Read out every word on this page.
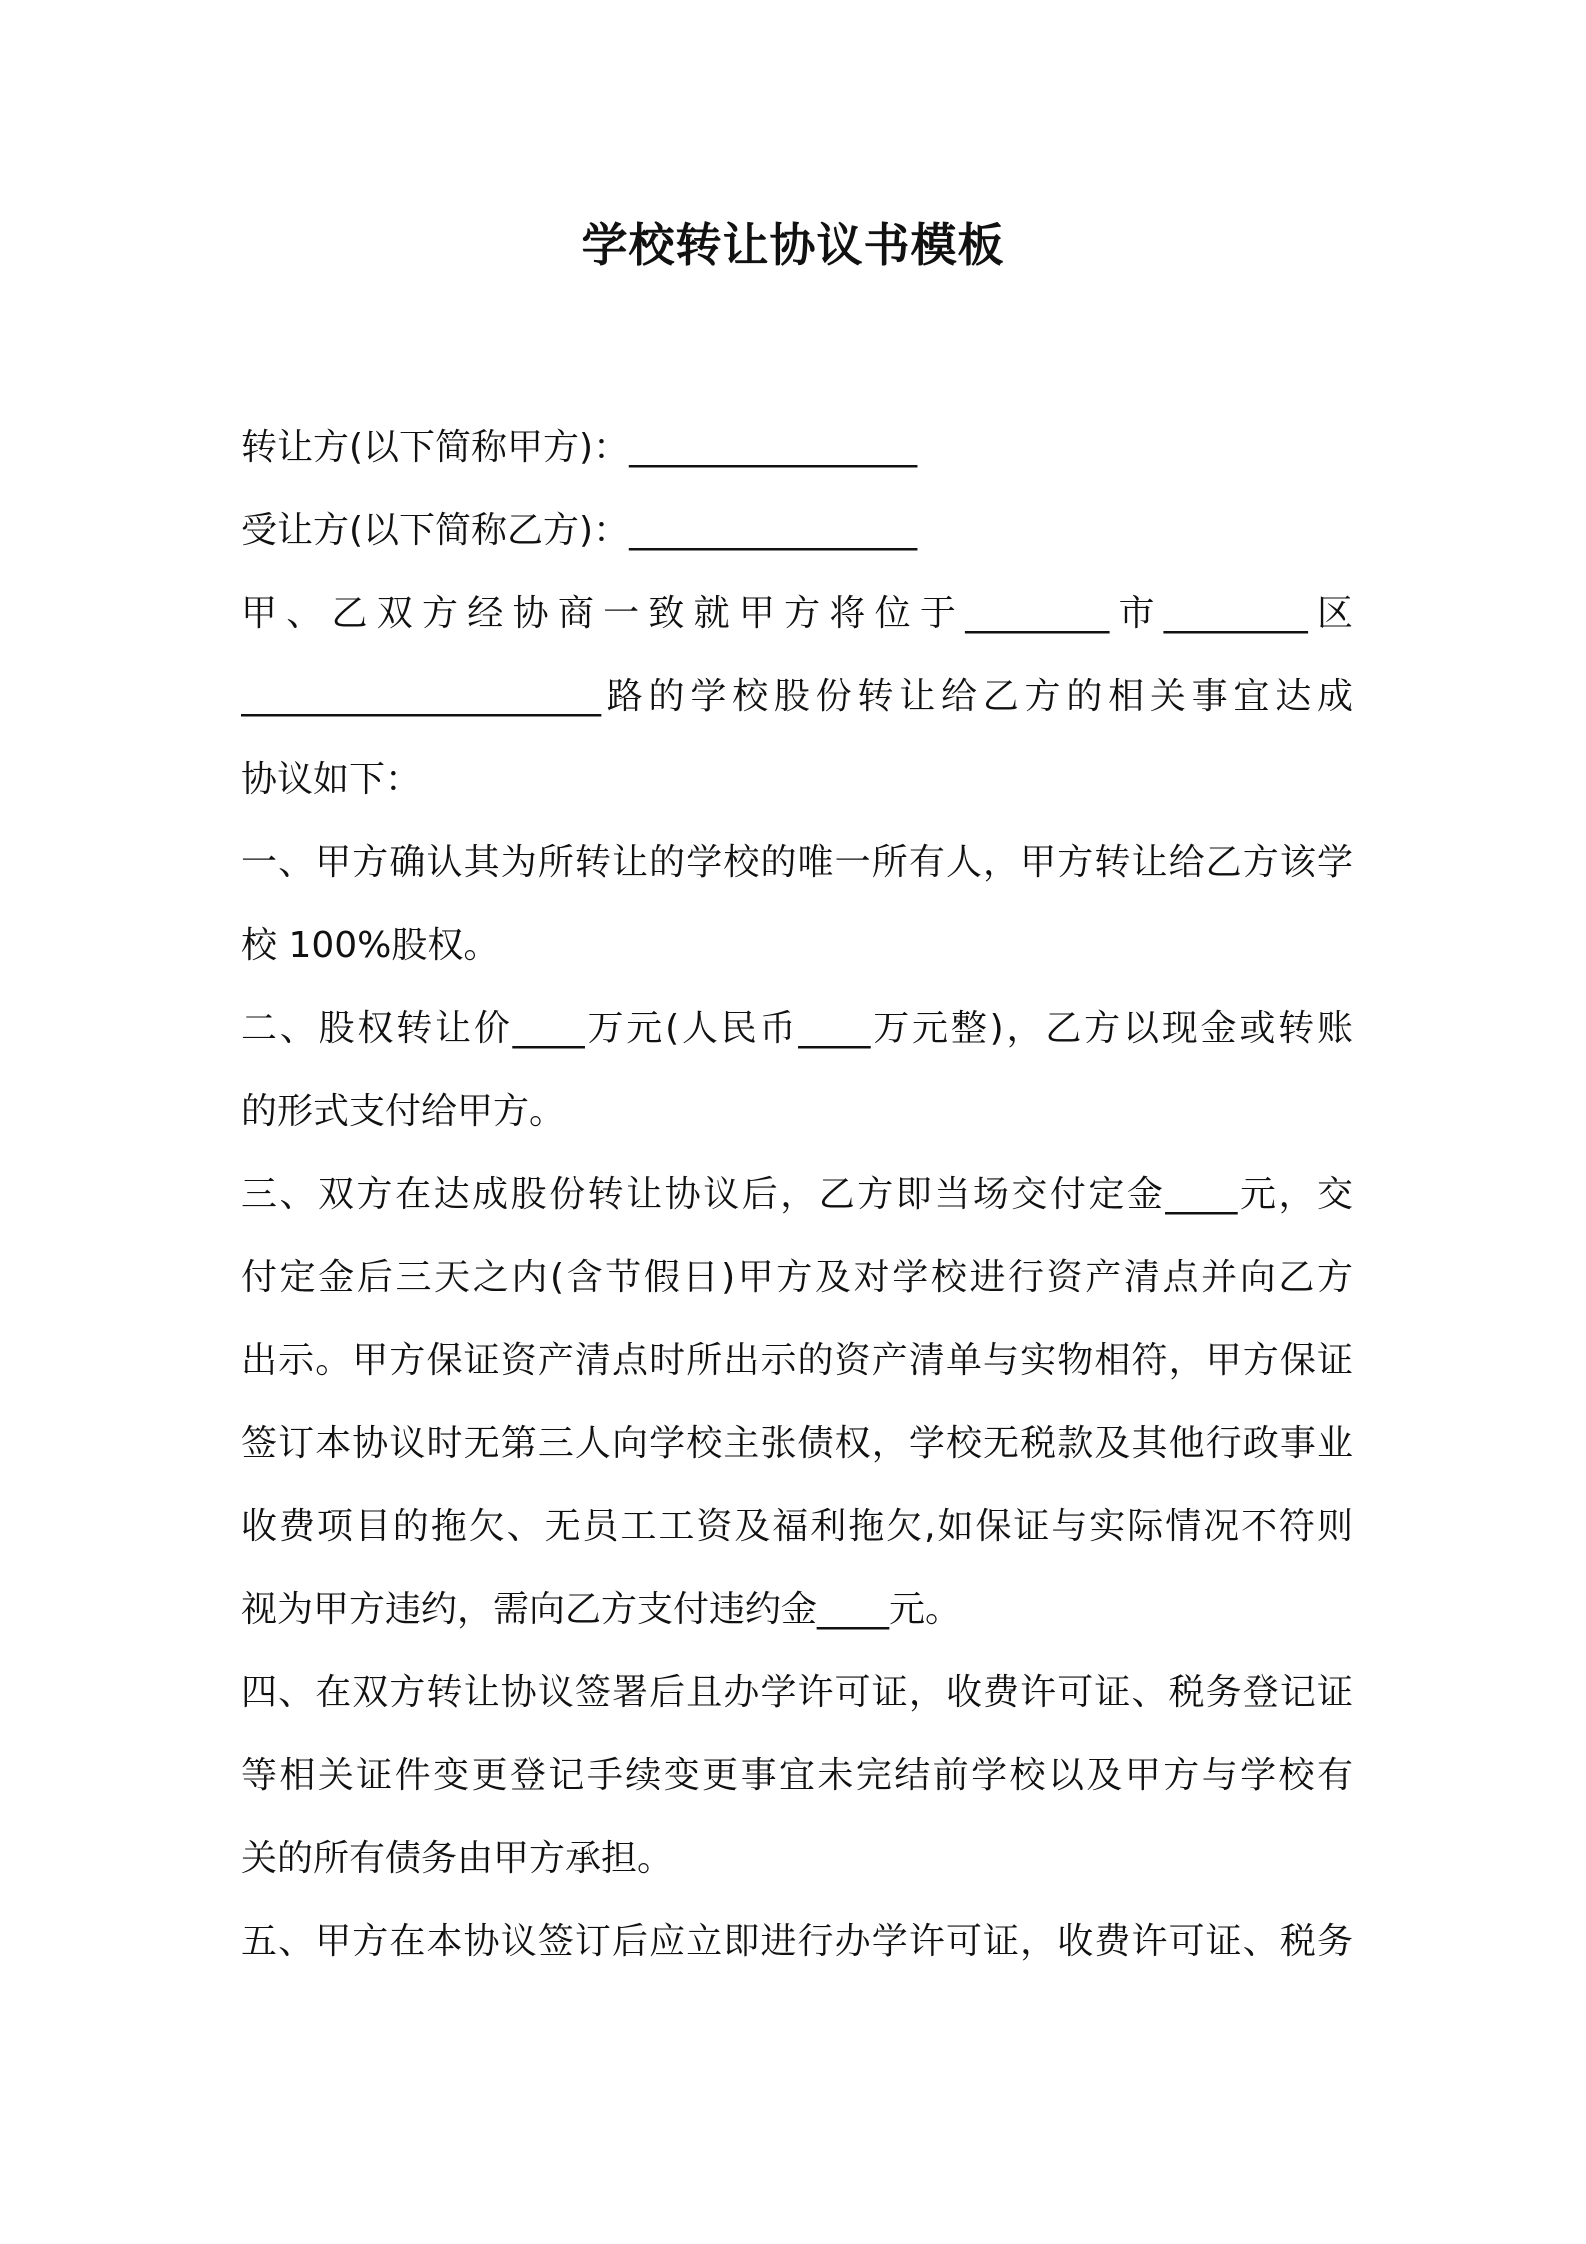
学校转让协议书模板
转让方(以下简称甲方)：________________
受让方(以下简称乙方)：________________
甲、乙双方经协商一致就甲方将位于________市________区
____________________路的学校股份转让给乙方的相关事宜达成
协议如下：
一、甲方确认其为所转让的学校的唯一所有人，甲方转让给乙方该学
校 100%股权。
二、股权转让价____万元(人民币____万元整)，乙方以现金或转账
的形式支付给甲方。
三、双方在达成股份转让协议后，乙方即当场交付定金____元，交
付定金后三天之内(含节假日)甲方及对学校进行资产清点并向乙方
出示。甲方保证资产清点时所出示的资产清单与实物相符，甲方保证
签订本协议时无第三人向学校主张债权，学校无税款及其他行政事业
收费项目的拖欠、无员工工资及福利拖欠,如保证与实际情况不符则
视为甲方违约，需向乙方支付违约金____元。
四、在双方转让协议签署后且办学许可证，收费许可证、税务登记证
等相关证件变更登记手续变更事宜未完结前学校以及甲方与学校有
关的所有债务由甲方承担。
五、甲方在本协议签订后应立即进行办学许可证，收费许可证、税务
